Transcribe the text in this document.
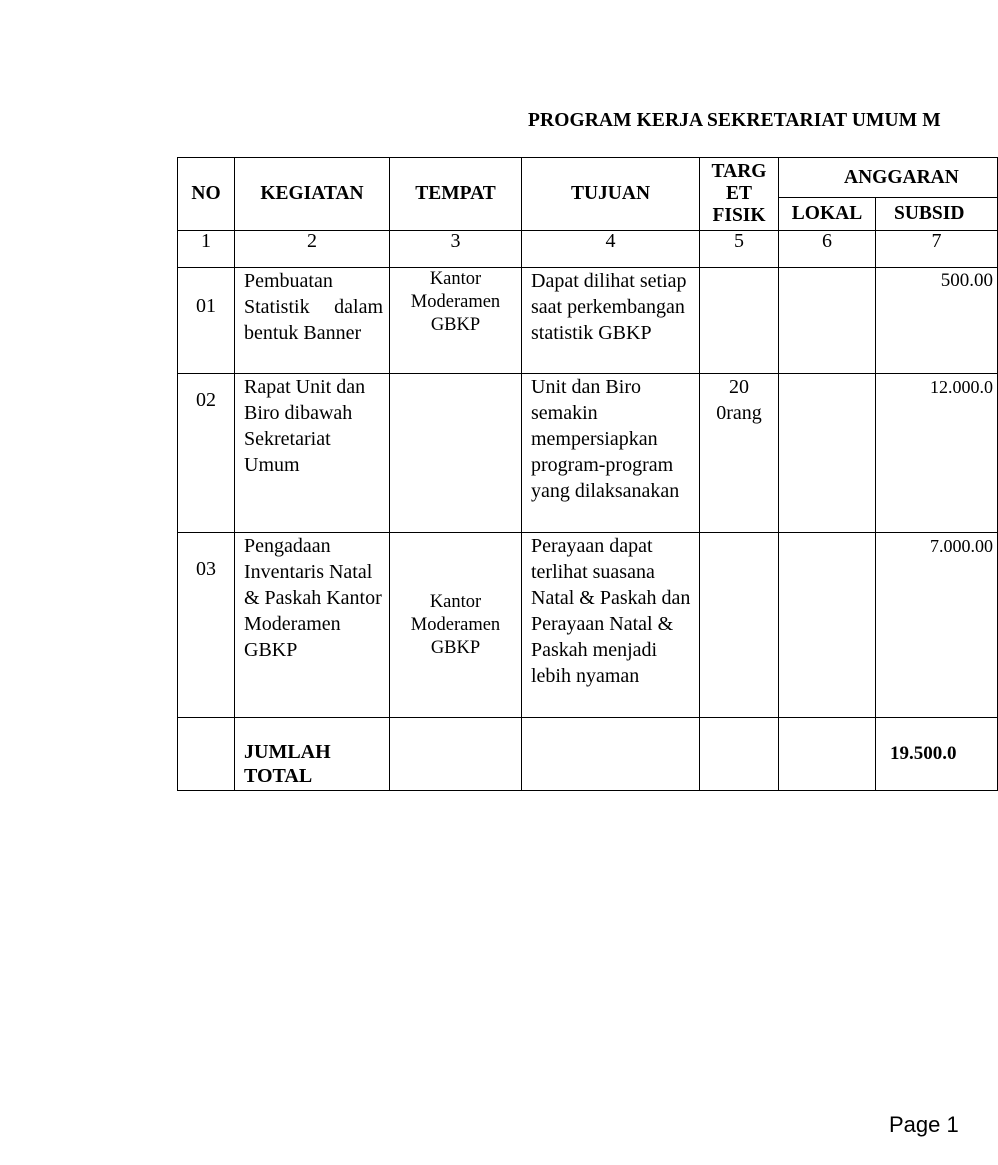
PROGRAM KERJA SEKRETARIAT UMUM M
NO	KEGIATAN	TEMPAT	TUJUAN	TARG
ET
FISIK	ANGGARAN	
					LOKAL	SUBSID
1	2	3	4	5	6	7
01	Pembuatan Statistik dalam bentuk Banner	Kantor Moderamen GBKP	Dapat dilihat setiap saat perkembangan statistik GBKP			500.00
02	Rapat Unit dan Biro dibawah Sekretariat Umum		Unit dan Biro semakin mempersiapkan program-program yang dilaksanakan	20 0rang		12.000.0
03	Pengadaan Inventaris Natal & Paskah Kantor Moderamen GBKP	Kantor Moderamen GBKP	Perayaan dapat terlihat suasana Natal & Paskah dan Perayaan Natal & Paskah menjadi lebih nyaman			7.000.00
	JUMLAH TOTAL					19.500.0
Page 1
